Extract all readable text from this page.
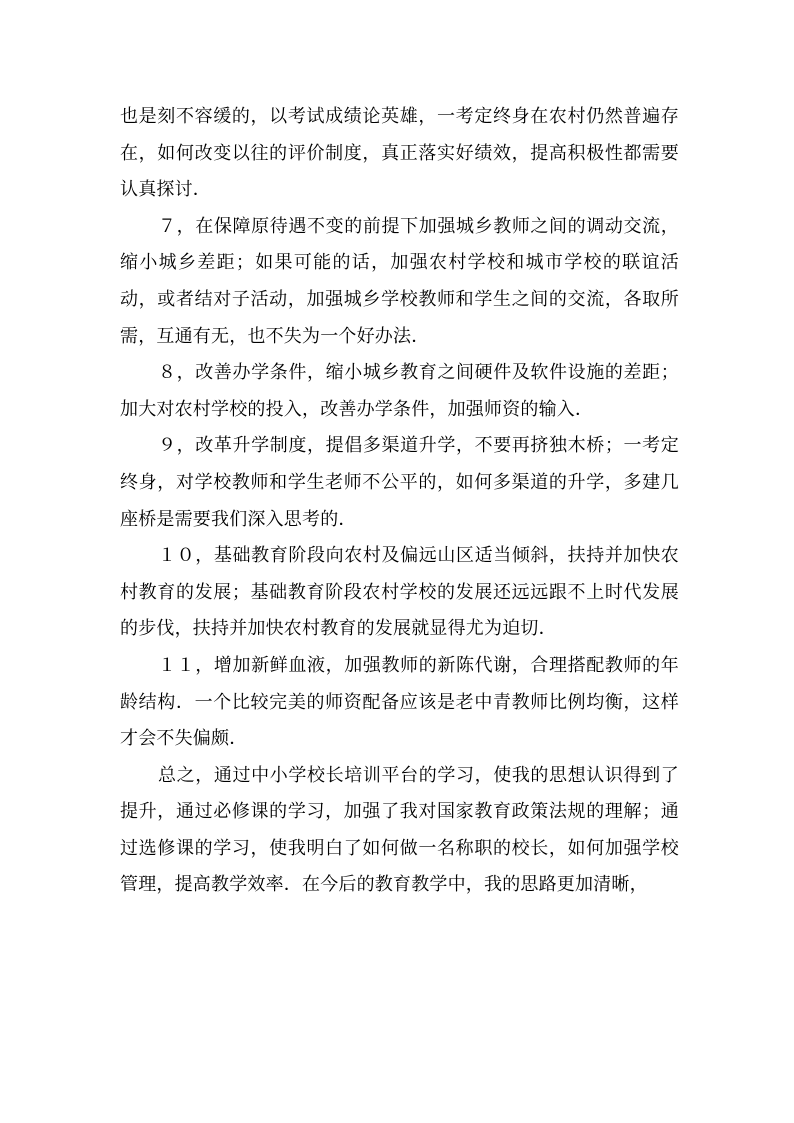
也是刻不容缓的，以考试成绩论英雄，一考定终身在农村仍然普遍存在，如何改变以往的评价制度，真正落实好绩效，提高积极性都需要认真探讨．

７，在保障原待遇不变的前提下加强城乡教师之间的调动交流，缩小城乡差距；如果可能的话，加强农村学校和城市学校的联谊活动，或者结对子活动，加强城乡学校教师和学生之间的交流，各取所需，互通有无，也不失为一个好办法．

８，改善办学条件，缩小城乡教育之间硬件及软件设施的差距；加大对农村学校的投入，改善办学条件，加强师资的输入．

９，改革升学制度，提倡多渠道升学，不要再挤独木桥；一考定终身，对学校教师和学生老师不公平的，如何多渠道的升学，多建几座桥是需要我们深入思考的．

１０，基础教育阶段向农村及偏远山区适当倾斜，扶持并加快农村教育的发展；基础教育阶段农村学校的发展还远远跟不上时代发展的步伐，扶持并加快农村教育的发展就显得尤为迫切．

１１，增加新鲜血液，加强教师的新陈代谢，合理搭配教师的年龄结构．一个比较完美的师资配备应该是老中青教师比例均衡，这样才会不失偏颇．

总之，通过中小学校长培训平台的学习，使我的思想认识得到了提升，通过必修课的学习，加强了我对国家教育政策法规的理解；通过选修课的学习，使我明白了如何做一名称职的校长，如何加强学校管理，提高教学效率．在今后的教育教学中，我的思路更加清晰，
